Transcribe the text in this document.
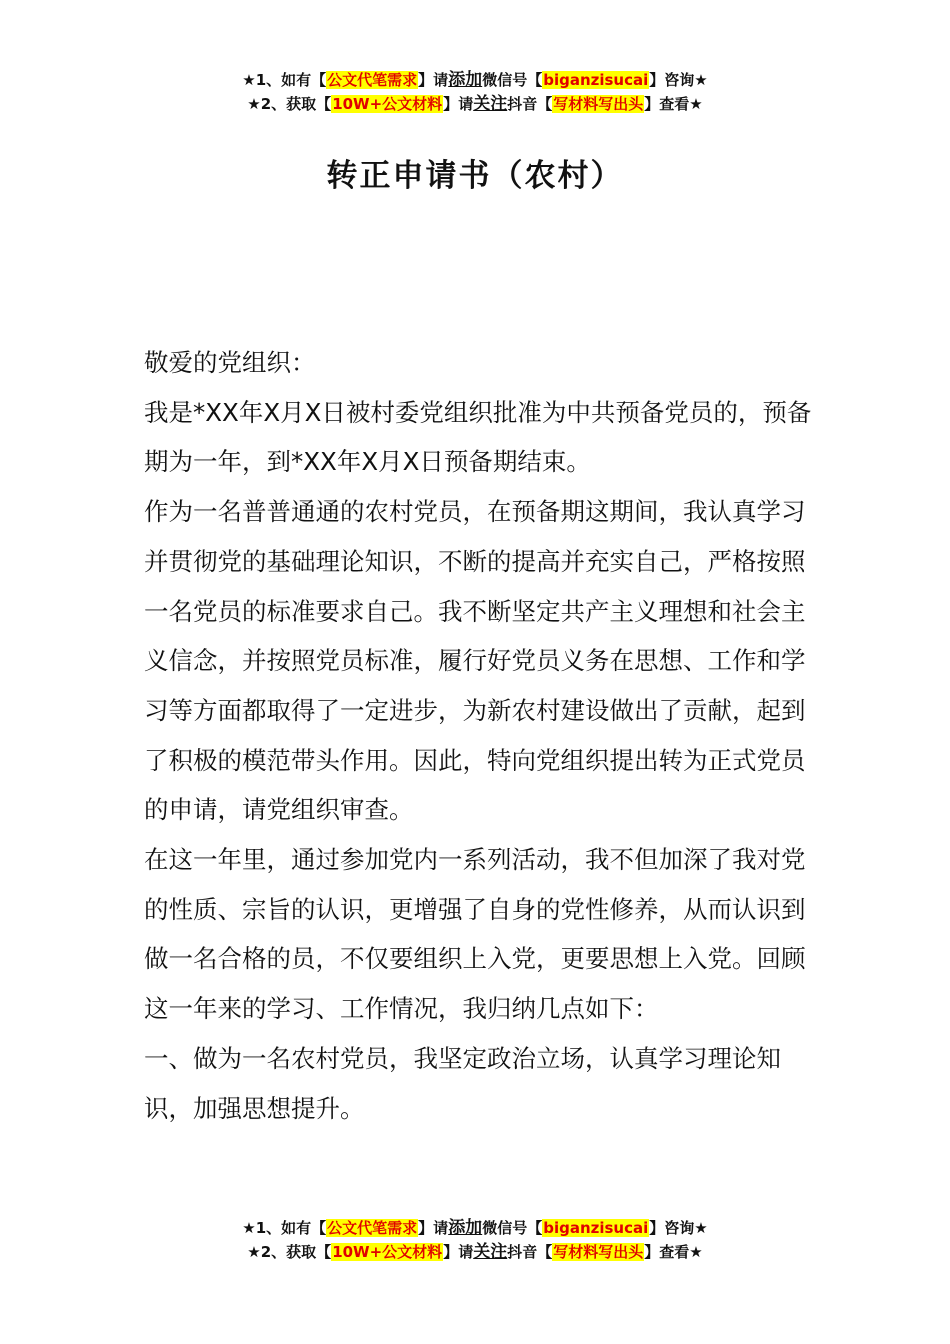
★1、如有【公文代笔需求】请添加微信号【biganzisucai】咨询★
★2、获取【10W+公文材料】请关注抖音【写材料写出头】查看★
转正申请书（农村）

敬爱的党组织：

我是*XX年X月X日被村委党组织批准为中共预备党员的，预备期为一年，到*XX年X月X日预备期结束。

作为一名普普通通的农村党员，在预备期这期间，我认真学习并贯彻党的基础理论知识，不断的提高并充实自己，严格按照一名党员的标准要求自己。我不断坚定共产主义理想和社会主义信念，并按照党员标准，履行好党员义务在思想、工作和学习等方面都取得了一定进步，为新农村建设做出了贡献，起到了积极的模范带头作用。因此，特向党组织提出转为正式党员的申请，请党组织审查。

在这一年里，通过参加党内一系列活动，我不但加深了我对党的性质、宗旨的认识，更增强了自身的党性修养，从而认识到做一名合格的员，不仅要组织上入党，更要思想上入党。回顾这一年来的学习、工作情况，我归纳几点如下：

一、做为一名农村党员，我坚定政治立场，认真学习理论知识，加强思想提升。

★1、如有【公文代笔需求】请添加微信号【biganzisucai】咨询★
★2、获取【10W+公文材料】请关注抖音【写材料写出头】查看★
